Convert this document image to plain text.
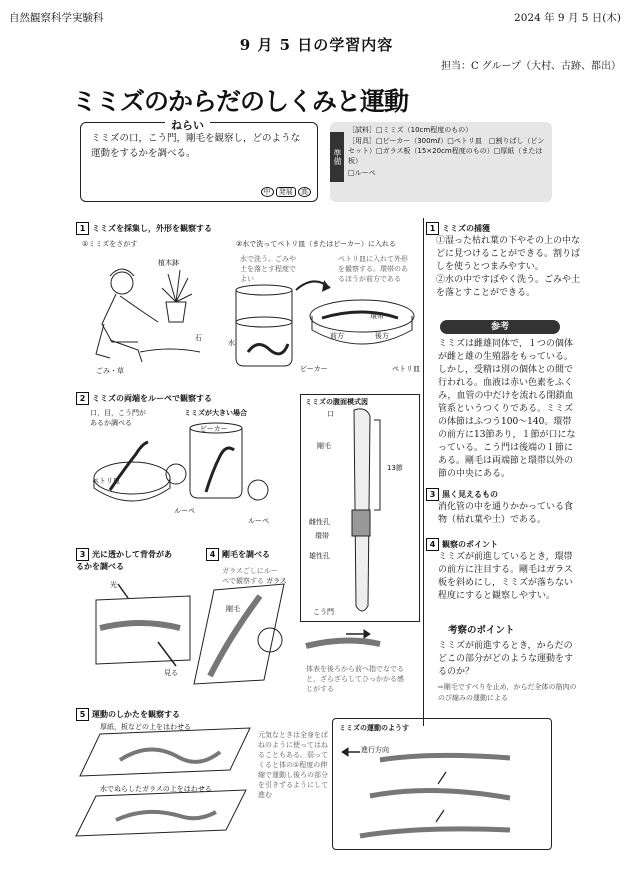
自然観察科学実験科	2024 年 9 月 5 日(木)
9 月 5 日の学習内容
担当：C グループ（大村、古跡、都出）
ミミズのからだのしくみと運動
ねらい
ミミズの口，こう門，剛毛を観察し，どのような運動をするかを調べる。
中 発展 高
準備
［試料］□ミミズ（10cm程度のもの）
［用具］□ビーカー（300mℓ）□ペトリ皿　□割りばし（ピンセット）□ガラス板（15×20cm程度のもの）□厚紙（または板）
□ルーペ
1 ミミズを採集し，外形を観察する
①ミミズをさがす	②水で洗ってペトリ皿（またはビーカー）に入れる
植木鉢
石
ごみ・草
水で洗う。ごみや土を落とす程度でよい
ペトリ皿に入れて外形を観察する。環帯のあるほうが前方である
環帯
前方	後方
水
ビーカー	ペトリ皿
2 ミミズの両端をルーペで観察する
口，目，こう門があるか調べる
ミミズが大きい場合
ビーカー
ペトリ皿
ルーペ
ルーペ
3 光に透かして背骨があるかを調べる
光
見る
4 剛毛を調べる
ガラスごしにルーペで観察する ガラス
剛毛
体表を後ろから前へ指でなでると，ざらざらしてひっかかる感じがする
5 運動のしかたを観察する
厚紙，板などの上をはわせる
水でぬらしたガラスの上をはわせる
元気なときは全身をばねのように使ってはねることもある。弱ってくると体の①程度の伸縮で運動し後ろの部分を引きずるようにして進む
ミミズの腹面模式図
口
剛毛
13節
雌性孔
環帯
雄性孔
こう門
ミミズの運動のようす
進行方向
1 ミミズの捕獲
①湿った枯れ葉の下やその上の中などに見つけることができる。割りばしを使うとつまみやすい。
②水の中ですばやく洗う。ごみや土を落とすことができる。
参考
ミミズは雌雄同体で，１つの個体が雌と雄の生殖器をもっている。しかし，受精は別の個体との間で行われる。血液は赤い色素をふくみ，血管の中だけを流れる閉鎖血管系というつくりである。ミミズの体節はふつう100〜140。環帯の前方に13節あり，１節が口になっている。こう門は後端の１節にある。剛毛は両端節と環帯以外の節の中央にある。
3 黒く見えるもの
消化管の中を通りかかっている食物（枯れ葉や土）である。
4 観察のポイント
ミミズが前進しているとき，環帯の前方に注目する。剛毛はガラス板を斜めにし，ミミズが落ちない程度にすると観察しやすい。
考察のポイント
ミミズが前進するとき，からだのどこの部分がどのような運動をするのか？
⇨剛毛ですべりを止め，からだ全体の筋肉ののび縮みの運動による
